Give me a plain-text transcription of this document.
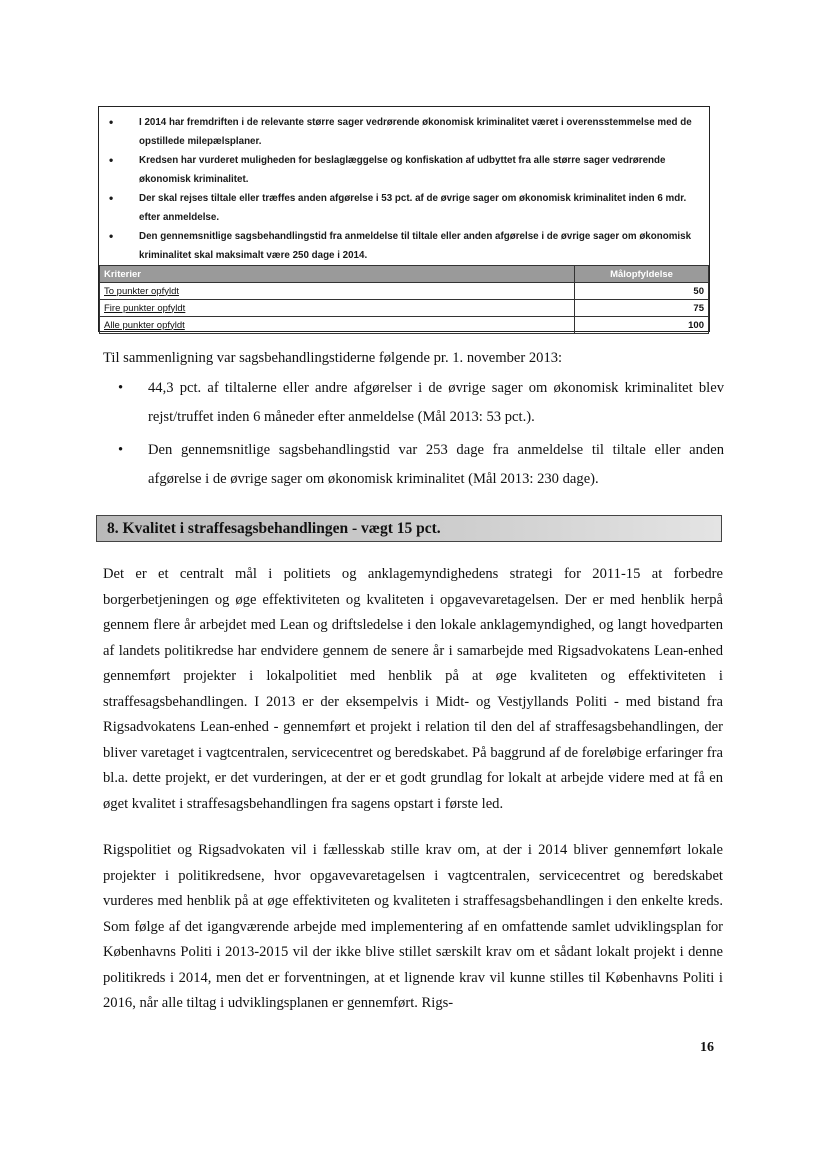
• I 2014 har fremdriften i de relevante større sager vedrørende økonomisk kriminalitet været i overensstemmelse med de opstillede milepælsplaner.
• Kredsen har vurderet muligheden for beslaglæggelse og konfiskation af udbyttet fra alle større sager vedrørende økonomisk kriminalitet.
• Der skal rejses tiltale eller træffes anden afgørelse i 53 pct. af de øvrige sager om økonomisk kriminalitet inden 6 mdr. efter anmeldelse.
• Den gennemsnitlige sagsbehandlingstid fra anmeldelse til tiltale eller anden afgørelse i de øvrige sager om økonomisk kriminalitet skal maksimalt være 250 dage i 2014.
Kriterier	Målopfyldelse
To punkter opfyldt	50
Fire punkter opfyldt	75
Alle punkter opfyldt	100
Til sammenligning var sagsbehandlingstiderne følgende pr. 1. november 2013:
• 44,3 pct. af tiltalerne eller andre afgørelser i de øvrige sager om økonomisk kriminalitet blev rejst/truffet inden 6 måneder efter anmeldelse (Mål 2013: 53 pct.).
• Den gennemsnitlige sagsbehandlingstid var 253 dage fra anmeldelse til tiltale eller anden afgørelse i de øvrige sager om økonomisk kriminalitet (Mål 2013: 230 dage).
8. Kvalitet i straffesagsbehandlingen - vægt 15 pct.
Det er et centralt mål i politiets og anklagemyndighedens strategi for 2011-15 at forbedre borgerbetjeningen og øge effektiviteten og kvaliteten i opgavevaretagelsen. Der er med henblik herpå gennem flere år arbejdet med Lean og driftsledelse i den lokale anklagemyndighed, og langt hovedparten af landets politikredse har endvidere gennem de senere år i samarbejde med Rigsadvokatens Lean-enhed gennemført projekter i lokalpolitiet med henblik på at øge kvaliteten og effektiviteten i straffesagsbehandlingen. I 2013 er der eksempelvis i Midt- og Vestjyllands Politi - med bistand fra Rigsadvokatens Lean-enhed - gennemført et projekt i relation til den del af straffesagsbehandlingen, der bliver varetaget i vagtcentralen, servicecentret og beredskabet. På baggrund af de foreløbige erfaringer fra bl.a. dette projekt, er det vurderingen, at der er et godt grundlag for lokalt at arbejde videre med at få en øget kvalitet i straffesagsbehandlingen fra sagens opstart i første led.
Rigspolitiet og Rigsadvokaten vil i fællesskab stille krav om, at der i 2014 bliver gennemført lokale projekter i politikredsene, hvor opgavevaretagelsen i vagtcentralen, servicecentret og beredskabet vurderes med henblik på at øge effektiviteten og kvaliteten i straffesagsbehandlingen i den enkelte kreds. Som følge af det igangværende arbejde med implementering af en omfattende samlet udviklingsplan for Københavns Politi i 2013-2015 vil der ikke blive stillet særskilt krav om et sådant lokalt projekt i denne politikreds i 2014, men det er forventningen, at et lignende krav vil kunne stilles til Københavns Politi i 2016, når alle tiltag i udviklingsplanen er gennemført. Rigs-
16
